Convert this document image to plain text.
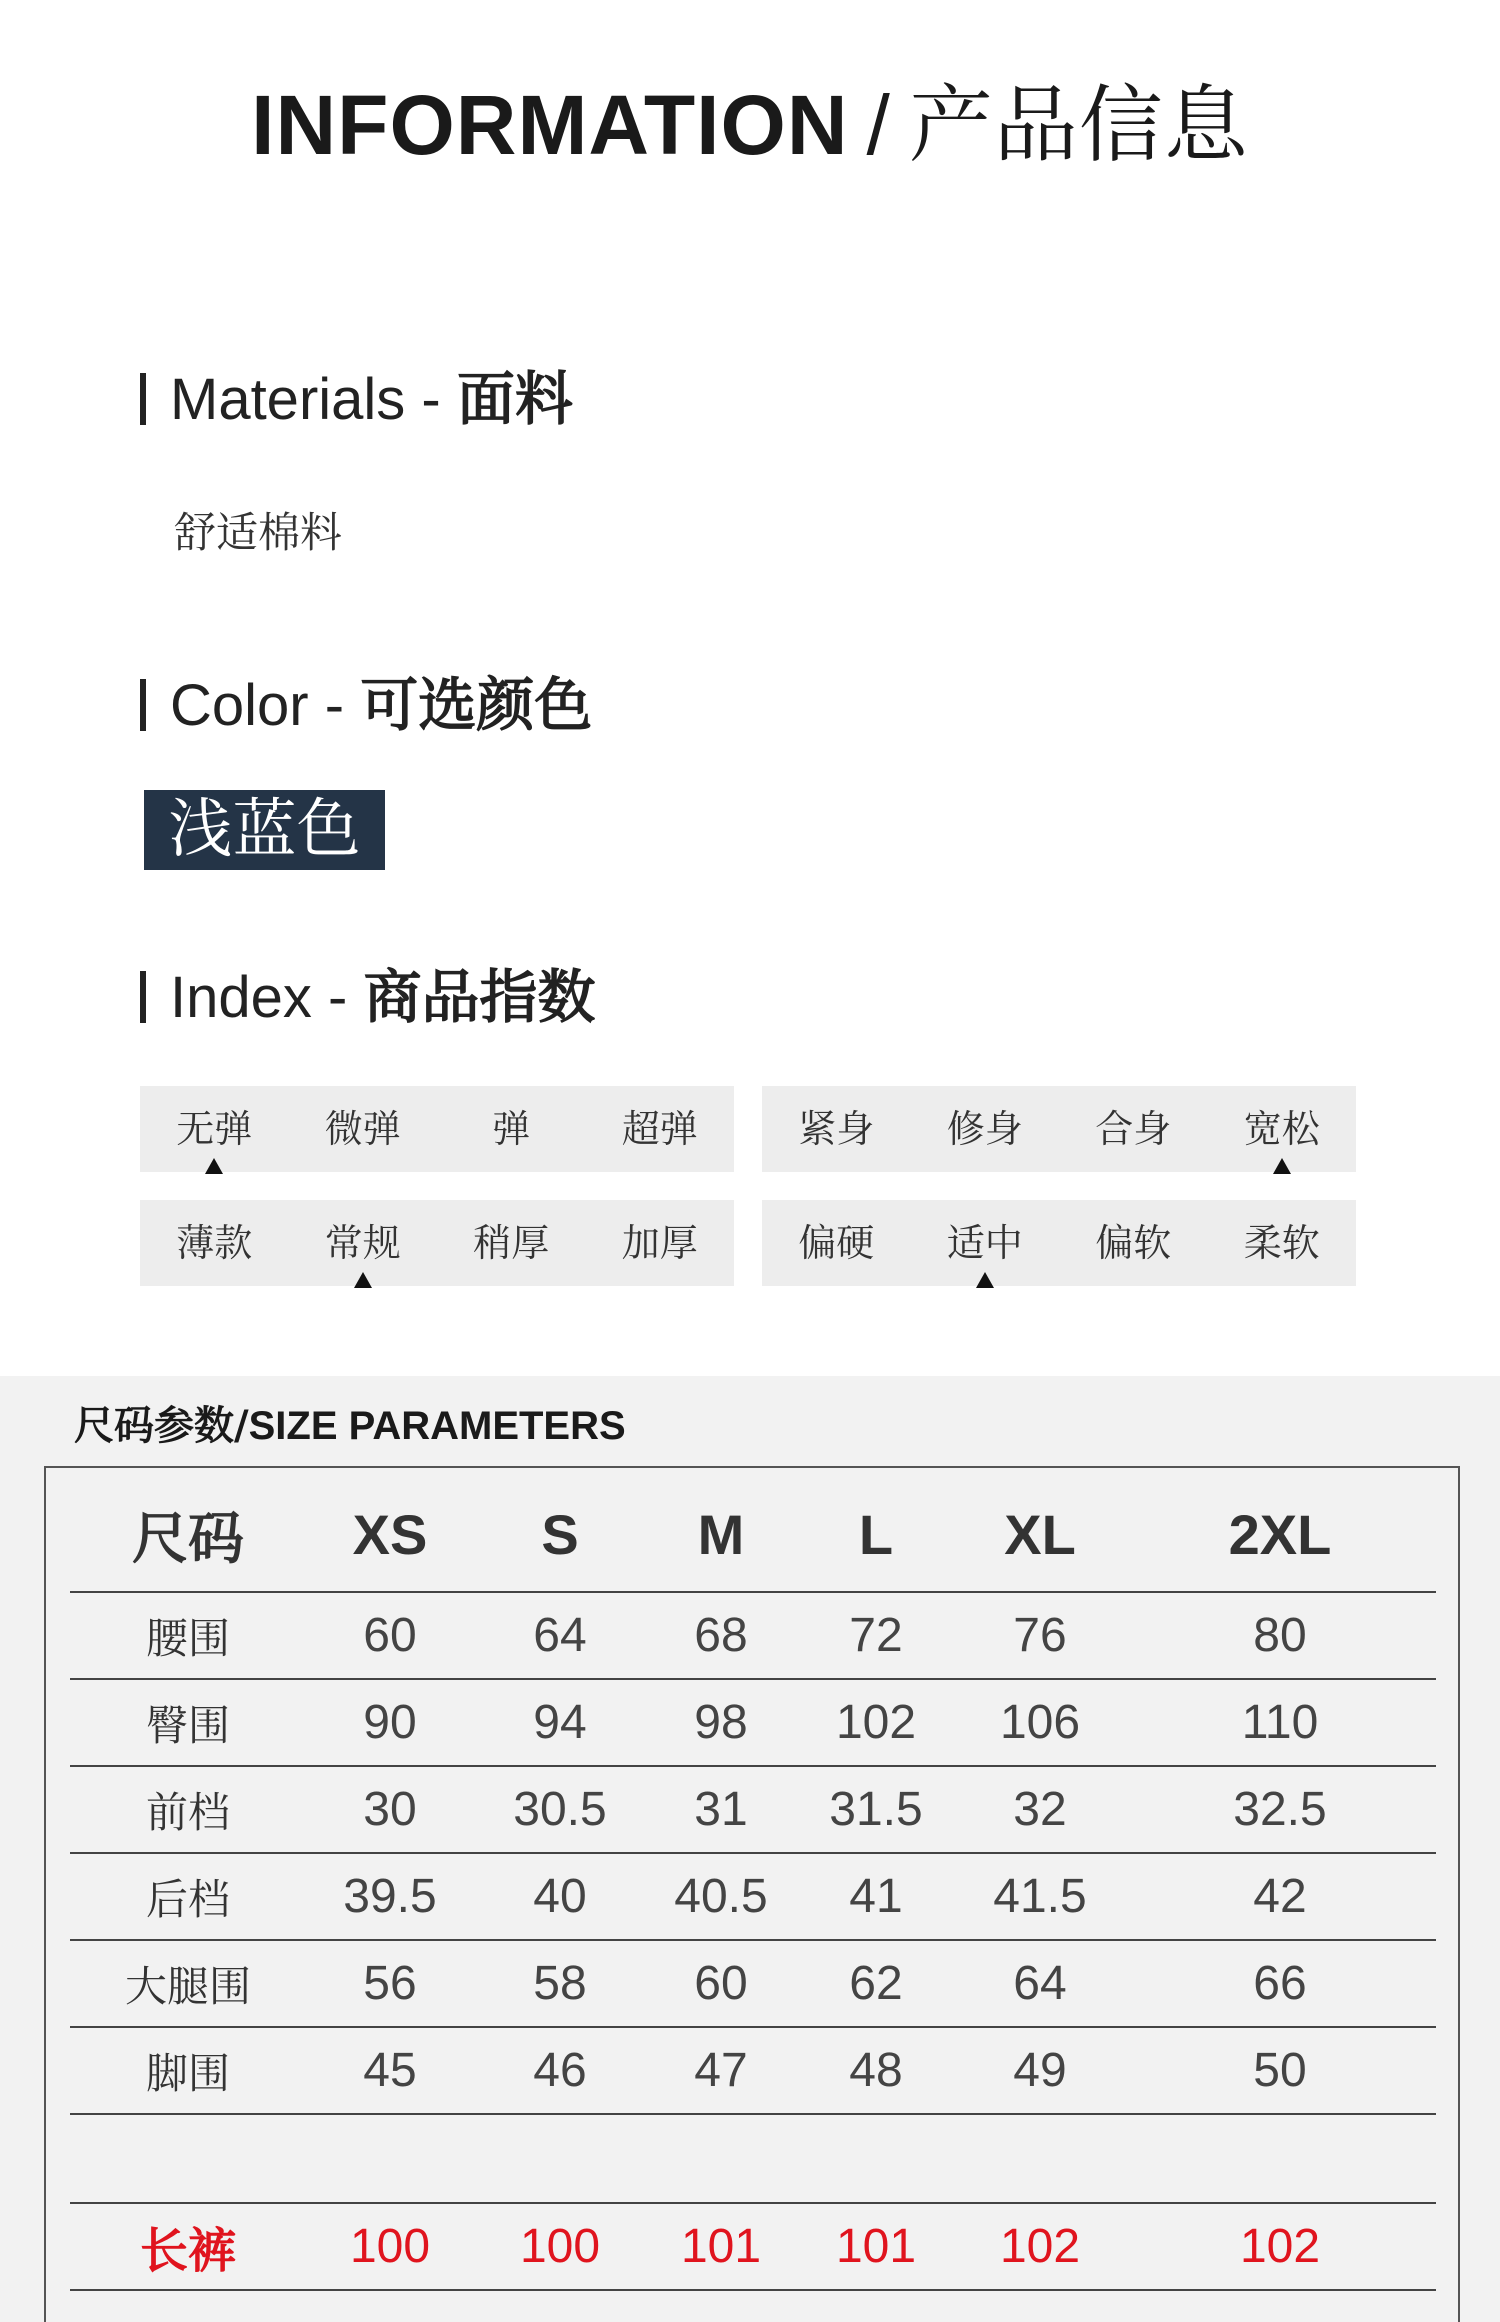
INFORMATION / 产品信息
Materials - 面料
舒适棉料
Color - 可选颜色
浅蓝色
Index - 商品指数
无弹	微弹	弹	超弹	紧身	修身	合身	宽松
薄款	常规	稍厚	加厚	偏硬	适中	偏软	柔软
尺码参数/SIZE PARAMETERS
尺码	XS	S	M	L	XL	2XL
腰围	60	64	68	72	76	80
臀围	90	94	98	102	106	110
前档	30	30.5	31	31.5	32	32.5
后档	39.5	40	40.5	41	41.5	42
大腿围	56	58	60	62	64	66
脚围	45	46	47	48	49	50

长裤	100	100	101	101	102	102
